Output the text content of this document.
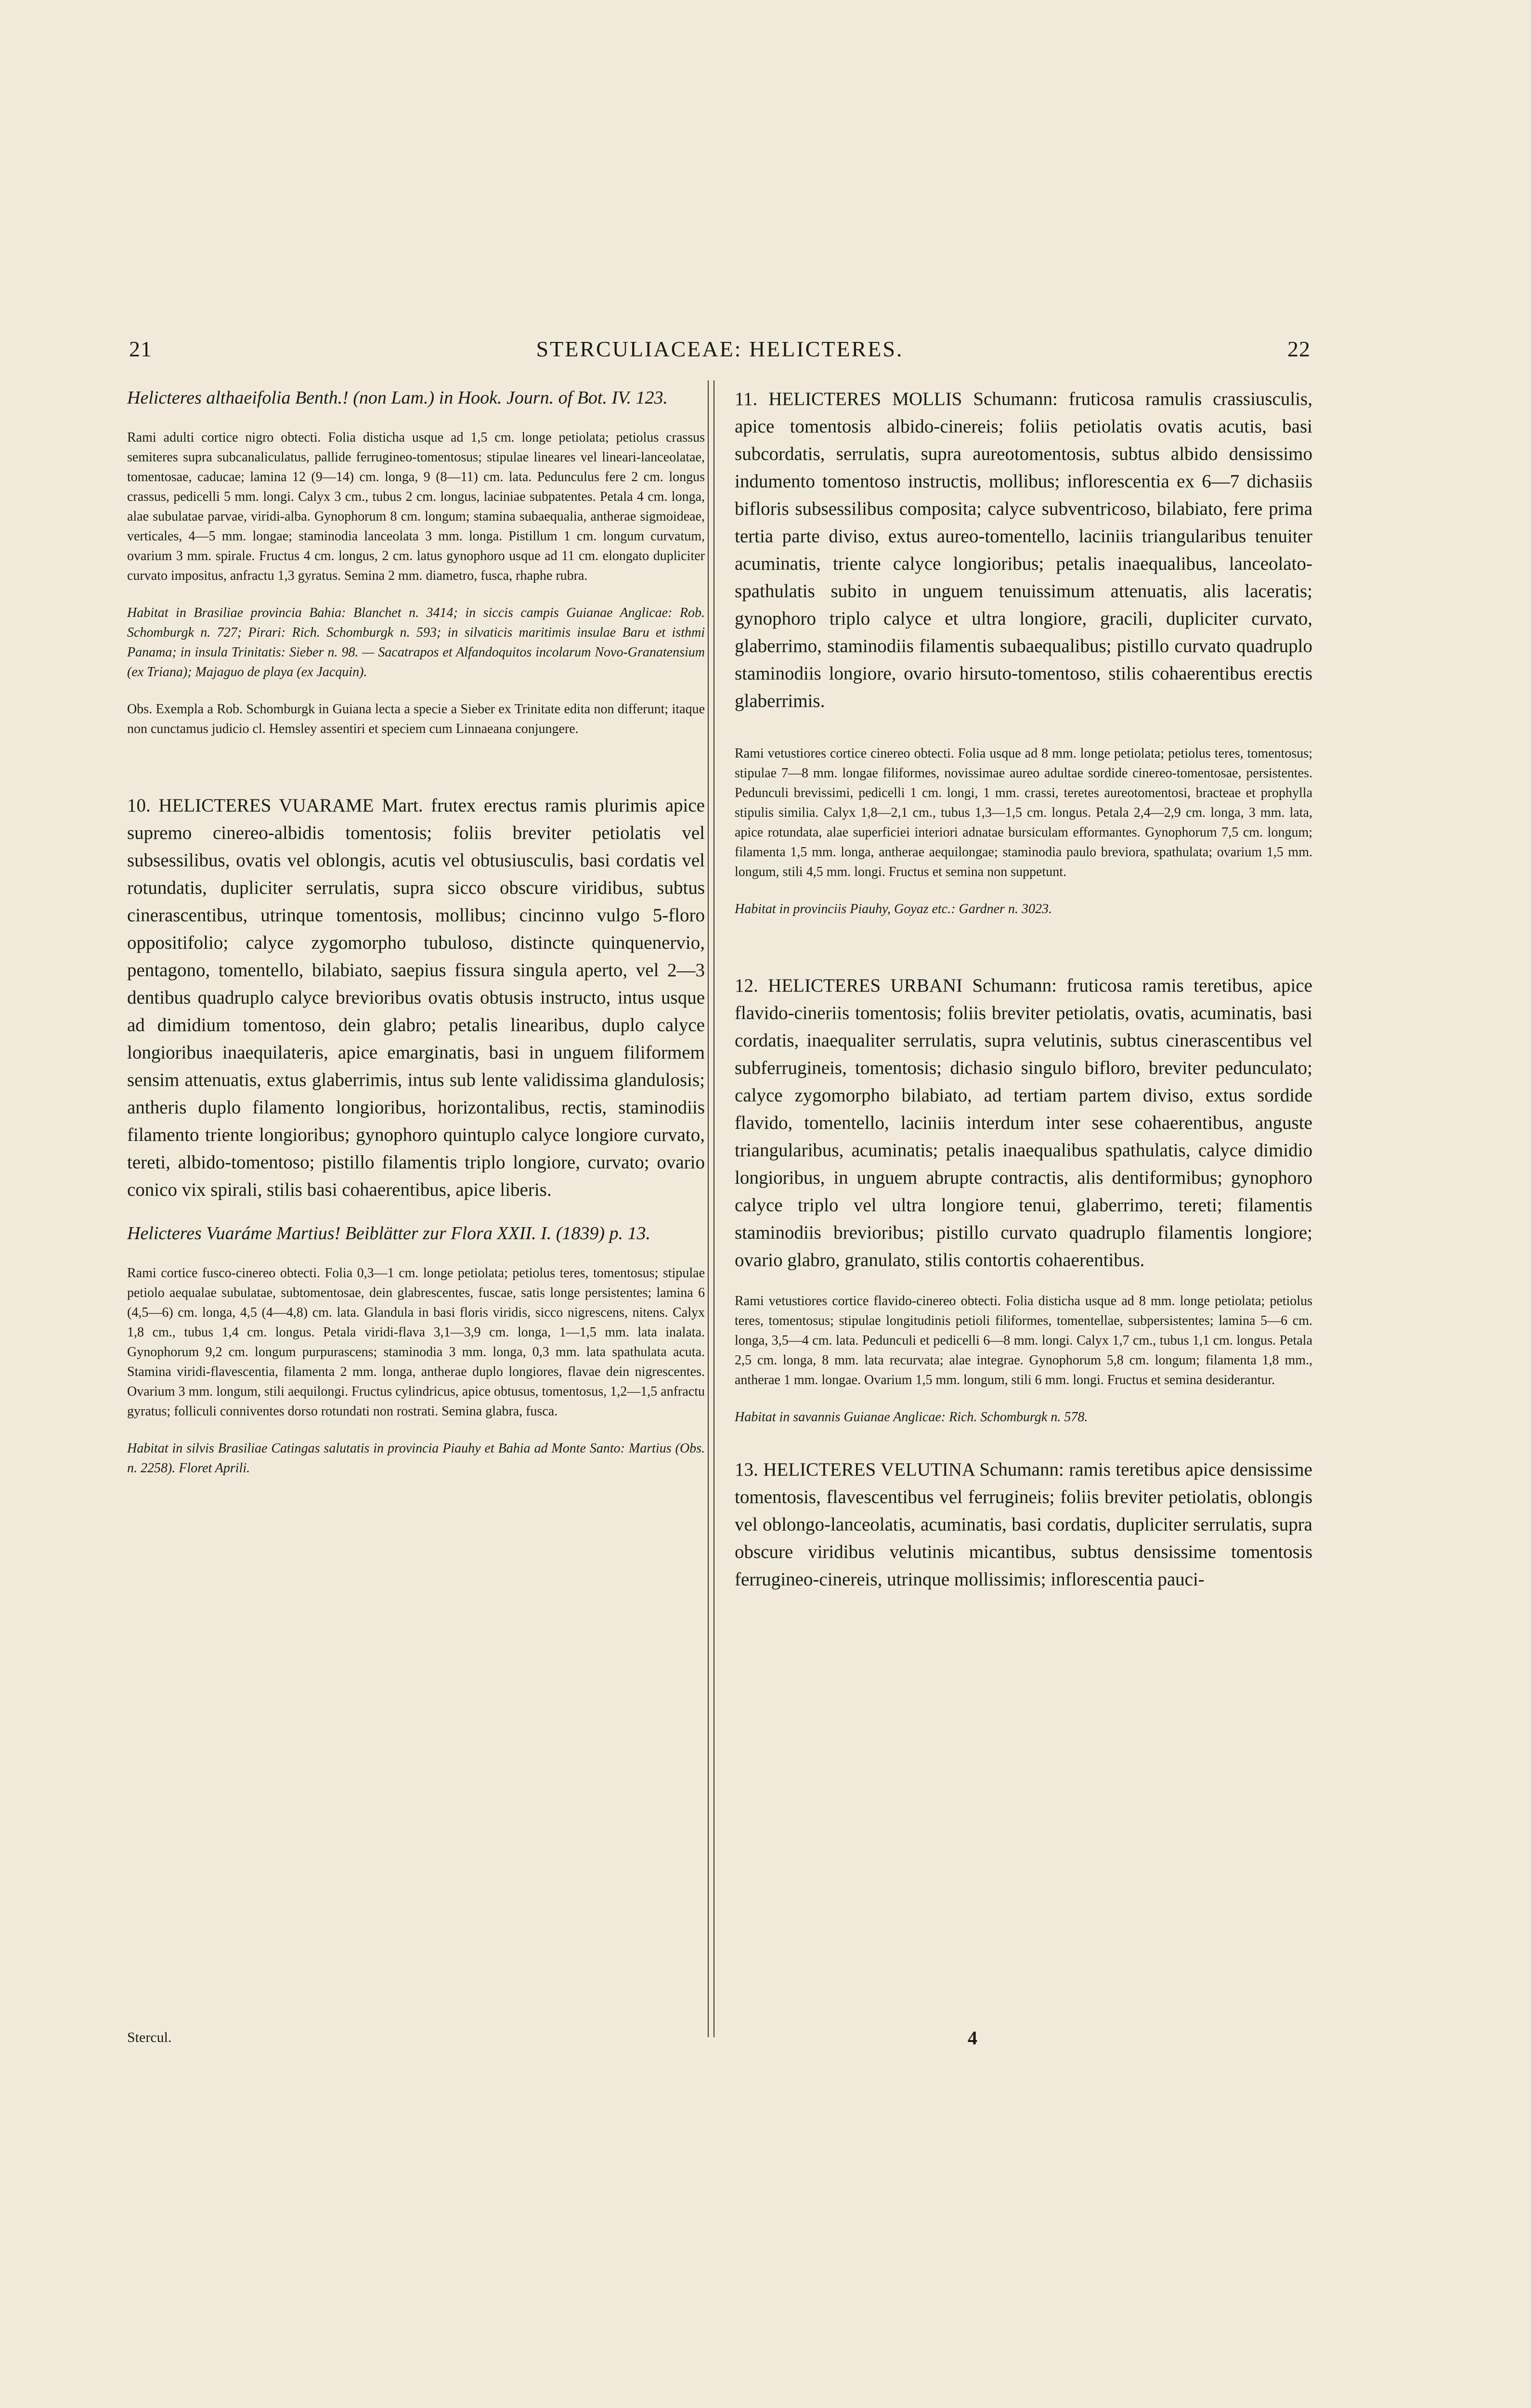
21	STERCULIACEAE: HELICTERES.	22

Helicteres althaeifolia Benth.! (non Lam.) in Hook. Journ. of Bot. IV. 123.

Rami adulti cortice nigro obtecti. Folia disticha usque ad 1,5 cm. longe petiolata; petiolus crassus semiteres supra subcanaliculatus, pallide ferrugineo-tomentosus; stipulae lineares vel lineari-lanceolatae, tomentosae, caducae; lamina 12 (9—14) cm. longa, 9 (8—11) cm. lata. Pedunculus fere 2 cm. longus crassus, pedicelli 5 mm. longi. Calyx 3 cm., tubus 2 cm. longus, laciniae subpatentes. Petala 4 cm. longa, alae subulatae parvae, viridi-alba. Gynophorum 8 cm. longum; stamina subaequalia, antherae sigmoideae, verticales, 4—5 mm. longae; staminodia lanceolata 3 mm. longa. Pistillum 1 cm. longum curvatum, ovarium 3 mm. spirale. Fructus 4 cm. longus, 2 cm. latus gynophoro usque ad 11 cm. elongato dupliciter curvato impositus, anfractu 1,3 gyratus. Semina 2 mm. diametro, fusca, rhaphe rubra.

Habitat in Brasiliae provincia Bahia: Blanchet n. 3414; in siccis campis Guianae Anglicae: Rob. Schomburgk n. 727; Pirari: Rich. Schomburgk n. 593; in silvaticis maritimis insulae Baru et isthmi Panama; in insula Trinitatis: Sieber n. 98. — Sacatrapos et Alfandoquitos incolarum Novo-Granatensium (ex Triana); Majaguo de playa (ex Jacquin).

Obs. Exempla a Rob. Schomburgk in Guiana lecta a specie a Sieber ex Trinitate edita non differunt; itaque non cunctamus judicio cl. Hemsley assentiri et speciem cum Linnaeana conjungere.

10. HELICTERES VUARAME Mart. frutex erectus ramis plurimis apice supremo cinereo-albidis tomentosis; foliis breviter petiolatis vel subsessilibus, ovatis vel oblongis, acutis vel obtusiusculis, basi cordatis vel rotundatis, dupliciter serrulatis, supra sicco obscure viridibus, subtus cinerascentibus, utrinque tomentosis, mollibus; cincinno vulgo 5-floro oppositifolio; calyce zygomorpho tubuloso, distincte quinquenervio, pentagono, tomentello, bilabiato, saepius fissura singula aperto, vel 2—3 dentibus quadruplo calyce brevioribus ovatis obtusis instructo, intus usque ad dimidium tomentoso, dein glabro; petalis linearibus, duplo calyce longioribus inaequilateris, apice emarginatis, basi in unguem filiformem sensim attenuatis, extus glaberrimis, intus sub lente validissima glandulosis; antheris duplo filamento longioribus, horizontalibus, rectis, staminodiis filamento triente longioribus; gynophoro quintuplo calyce longiore curvato, tereti, albido-tomentoso; pistillo filamentis triplo longiore, curvato; ovario conico vix spirali, stilis basi cohaerentibus, apice liberis.

Helicteres Vuaráme Martius! Beiblätter zur Flora XXII. I. (1839) p. 13.

Rami cortice fusco-cinereo obtecti. Folia 0,3—1 cm. longe petiolata; petiolus teres, tomentosus; stipulae petiolo aequalae subulatae, subtomentosae, dein glabrescentes, fuscae, satis longe persistentes; lamina 6 (4,5—6) cm. longa, 4,5 (4—4,8) cm. lata. Glandula in basi floris viridis, sicco nigrescens, nitens. Calyx 1,8 cm., tubus 1,4 cm. longus. Petala viridi-flava 3,1—3,9 cm. longa, 1—1,5 mm. lata inalata. Gynophorum 9,2 cm. longum purpurascens; staminodia 3 mm. longa, 0,3 mm. lata spathulata acuta. Stamina viridi-flavescentia, filamenta 2 mm. longa, antherae duplo longiores, flavae dein nigrescentes. Ovarium 3 mm. longum, stili aequilongi. Fructus cylindricus, apice obtusus, tomentosus, 1,2—1,5 anfractu gyratus; folliculi conniventes dorso rotundati non rostrati. Semina glabra, fusca.

Habitat in silvis Brasiliae Catingas salutatis in provincia Piauhy et Bahia ad Monte Santo: Martius (Obs. n. 2258). Floret Aprili.

11. HELICTERES MOLLIS Schumann: fruticosa ramulis crassiusculis, apice tomentosis albido-cinereis; foliis petiolatis ovatis acutis, basi subcordatis, serrulatis, supra aureotomentosis, subtus albido densissimo indumento tomentoso instructis, mollibus; inflorescentia ex 6—7 dichasiis bifloris subsessilibus composita; calyce subventricoso, bilabiato, fere prima tertia parte diviso, extus aureo-tomentello, laciniis triangularibus tenuiter acuminatis, triente calyce longioribus; petalis inaequalibus, lanceolato-spathulatis subito in unguem tenuissimum attenuatis, alis laceratis; gynophoro triplo calyce et ultra longiore, gracili, dupliciter curvato, glaberrimo, staminodiis filamentis subaequalibus; pistillo curvato quadruplo staminodiis longiore, ovario hirsuto-tomentoso, stilis cohaerentibus erectis glaberrimis.

Rami vetustiores cortice cinereo obtecti. Folia usque ad 8 mm. longe petiolata; petiolus teres, tomentosus; stipulae 7—8 mm. longae filiformes, novissimae aureo adultae sordide cinereo-tomentosae, persistentes. Pedunculi brevissimi, pedicelli 1 cm. longi, 1 mm. crassi, teretes aureotomentosi, bracteae et prophylla stipulis similia. Calyx 1,8—2,1 cm., tubus 1,3—1,5 cm. longus. Petala 2,4—2,9 cm. longa, 3 mm. lata, apice rotundata, alae superficiei interiori adnatae bursiculam efformantes. Gynophorum 7,5 cm. longum; filamenta 1,5 mm. longa, antherae aequilongae; staminodia paulo breviora, spathulata; ovarium 1,5 mm. longum, stili 4,5 mm. longi. Fructus et semina non suppetunt.

Habitat in provinciis Piauhy, Goyaz etc.: Gardner n. 3023.

12. HELICTERES URBANI Schumann: fruticosa ramis teretibus, apice flavido-cineriis tomentosis; foliis breviter petiolatis, ovatis, acuminatis, basi cordatis, inaequaliter serrulatis, supra velutinis, subtus cinerascentibus vel subferrugineis, tomentosis; dichasio singulo bifloro, breviter pedunculato; calyce zygomorpho bilabiato, ad tertiam partem diviso, extus sordide flavido, tomentello, laciniis interdum inter sese cohaerentibus, anguste triangularibus, acuminatis; petalis inaequalibus spathulatis, calyce dimidio longioribus, in unguem abrupte contractis, alis dentiformibus; gynophoro calyce triplo vel ultra longiore tenui, glaberrimo, tereti; filamentis staminodiis brevioribus; pistillo curvato quadruplo filamentis longiore; ovario glabro, granulato, stilis contortis cohaerentibus.

Rami vetustiores cortice flavido-cinereo obtecti. Folia disticha usque ad 8 mm. longe petiolata; petiolus teres, tomentosus; stipulae longitudinis petioli filiformes, tomentellae, subpersistentes; lamina 5—6 cm. longa, 3,5—4 cm. lata. Pedunculi et pedicelli 6—8 mm. longi. Calyx 1,7 cm., tubus 1,1 cm. longus. Petala 2,5 cm. longa, 8 mm. lata recurvata; alae integrae. Gynophorum 5,8 cm. longum; filamenta 1,8 mm., antherae 1 mm. longae. Ovarium 1,5 mm. longum, stili 6 mm. longi. Fructus et semina desiderantur.

Habitat in savannis Guianae Anglicae: Rich. Schomburgk n. 578.

13. HELICTERES VELUTINA Schumann: ramis teretibus apice densissime tomentosis, flavescentibus vel ferrugineis; foliis breviter petiolatis, oblongis vel oblongo-lanceolatis, acuminatis, basi cordatis, dupliciter serrulatis, supra obscure viridibus velutinis micantibus, subtus densissime tomentosis ferrugineo-cinereis, utrinque mollissimis; inflorescentia pauci-

Stercul.	4
